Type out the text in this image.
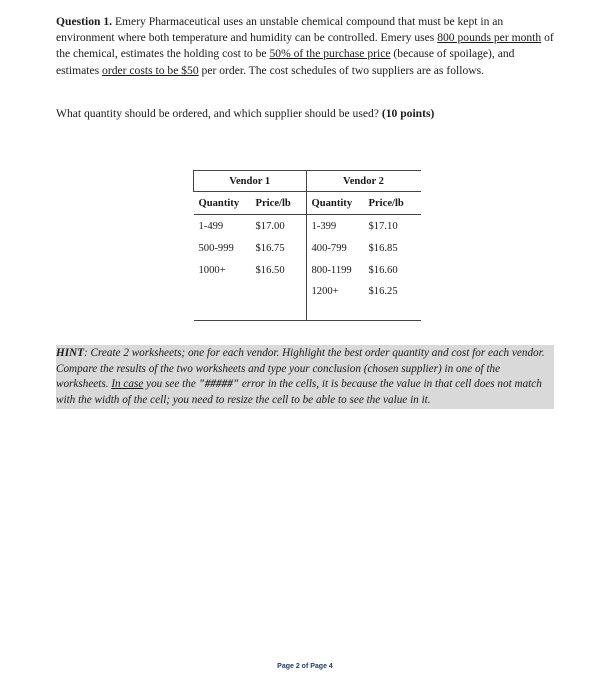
Question 1. Emery Pharmaceutical uses an unstable chemical compound that must be kept in an environment where both temperature and humidity can be controlled. Emery uses 800 pounds per month of the chemical, estimates the holding cost to be 50% of the purchase price (because of spoilage), and estimates order costs to be $50 per order. The cost schedules of two suppliers are as follows.

What quantity should be ordered, and which supplier should be used? (10 points)

Vendor 1		Vendor 2	
Quantity	Price/lb	Quantity	Price/lb
1-499	$17.00	1-399	$17.10
500-999	$16.75	400-799	$16.85
1000+	$16.50	800-1199	$16.60
		1200+	$16.25

HINT: Create 2 worksheets; one for each vendor. Highlight the best order quantity and cost for each vendor. Compare the results of the two worksheets and type your conclusion (chosen supplier) in one of the worksheets. In case you see the "#####" error in the cells, it is because the value in that cell does not match with the width of the cell; you need to resize the cell to be able to see the value in it.

Page 2 of Page 4
